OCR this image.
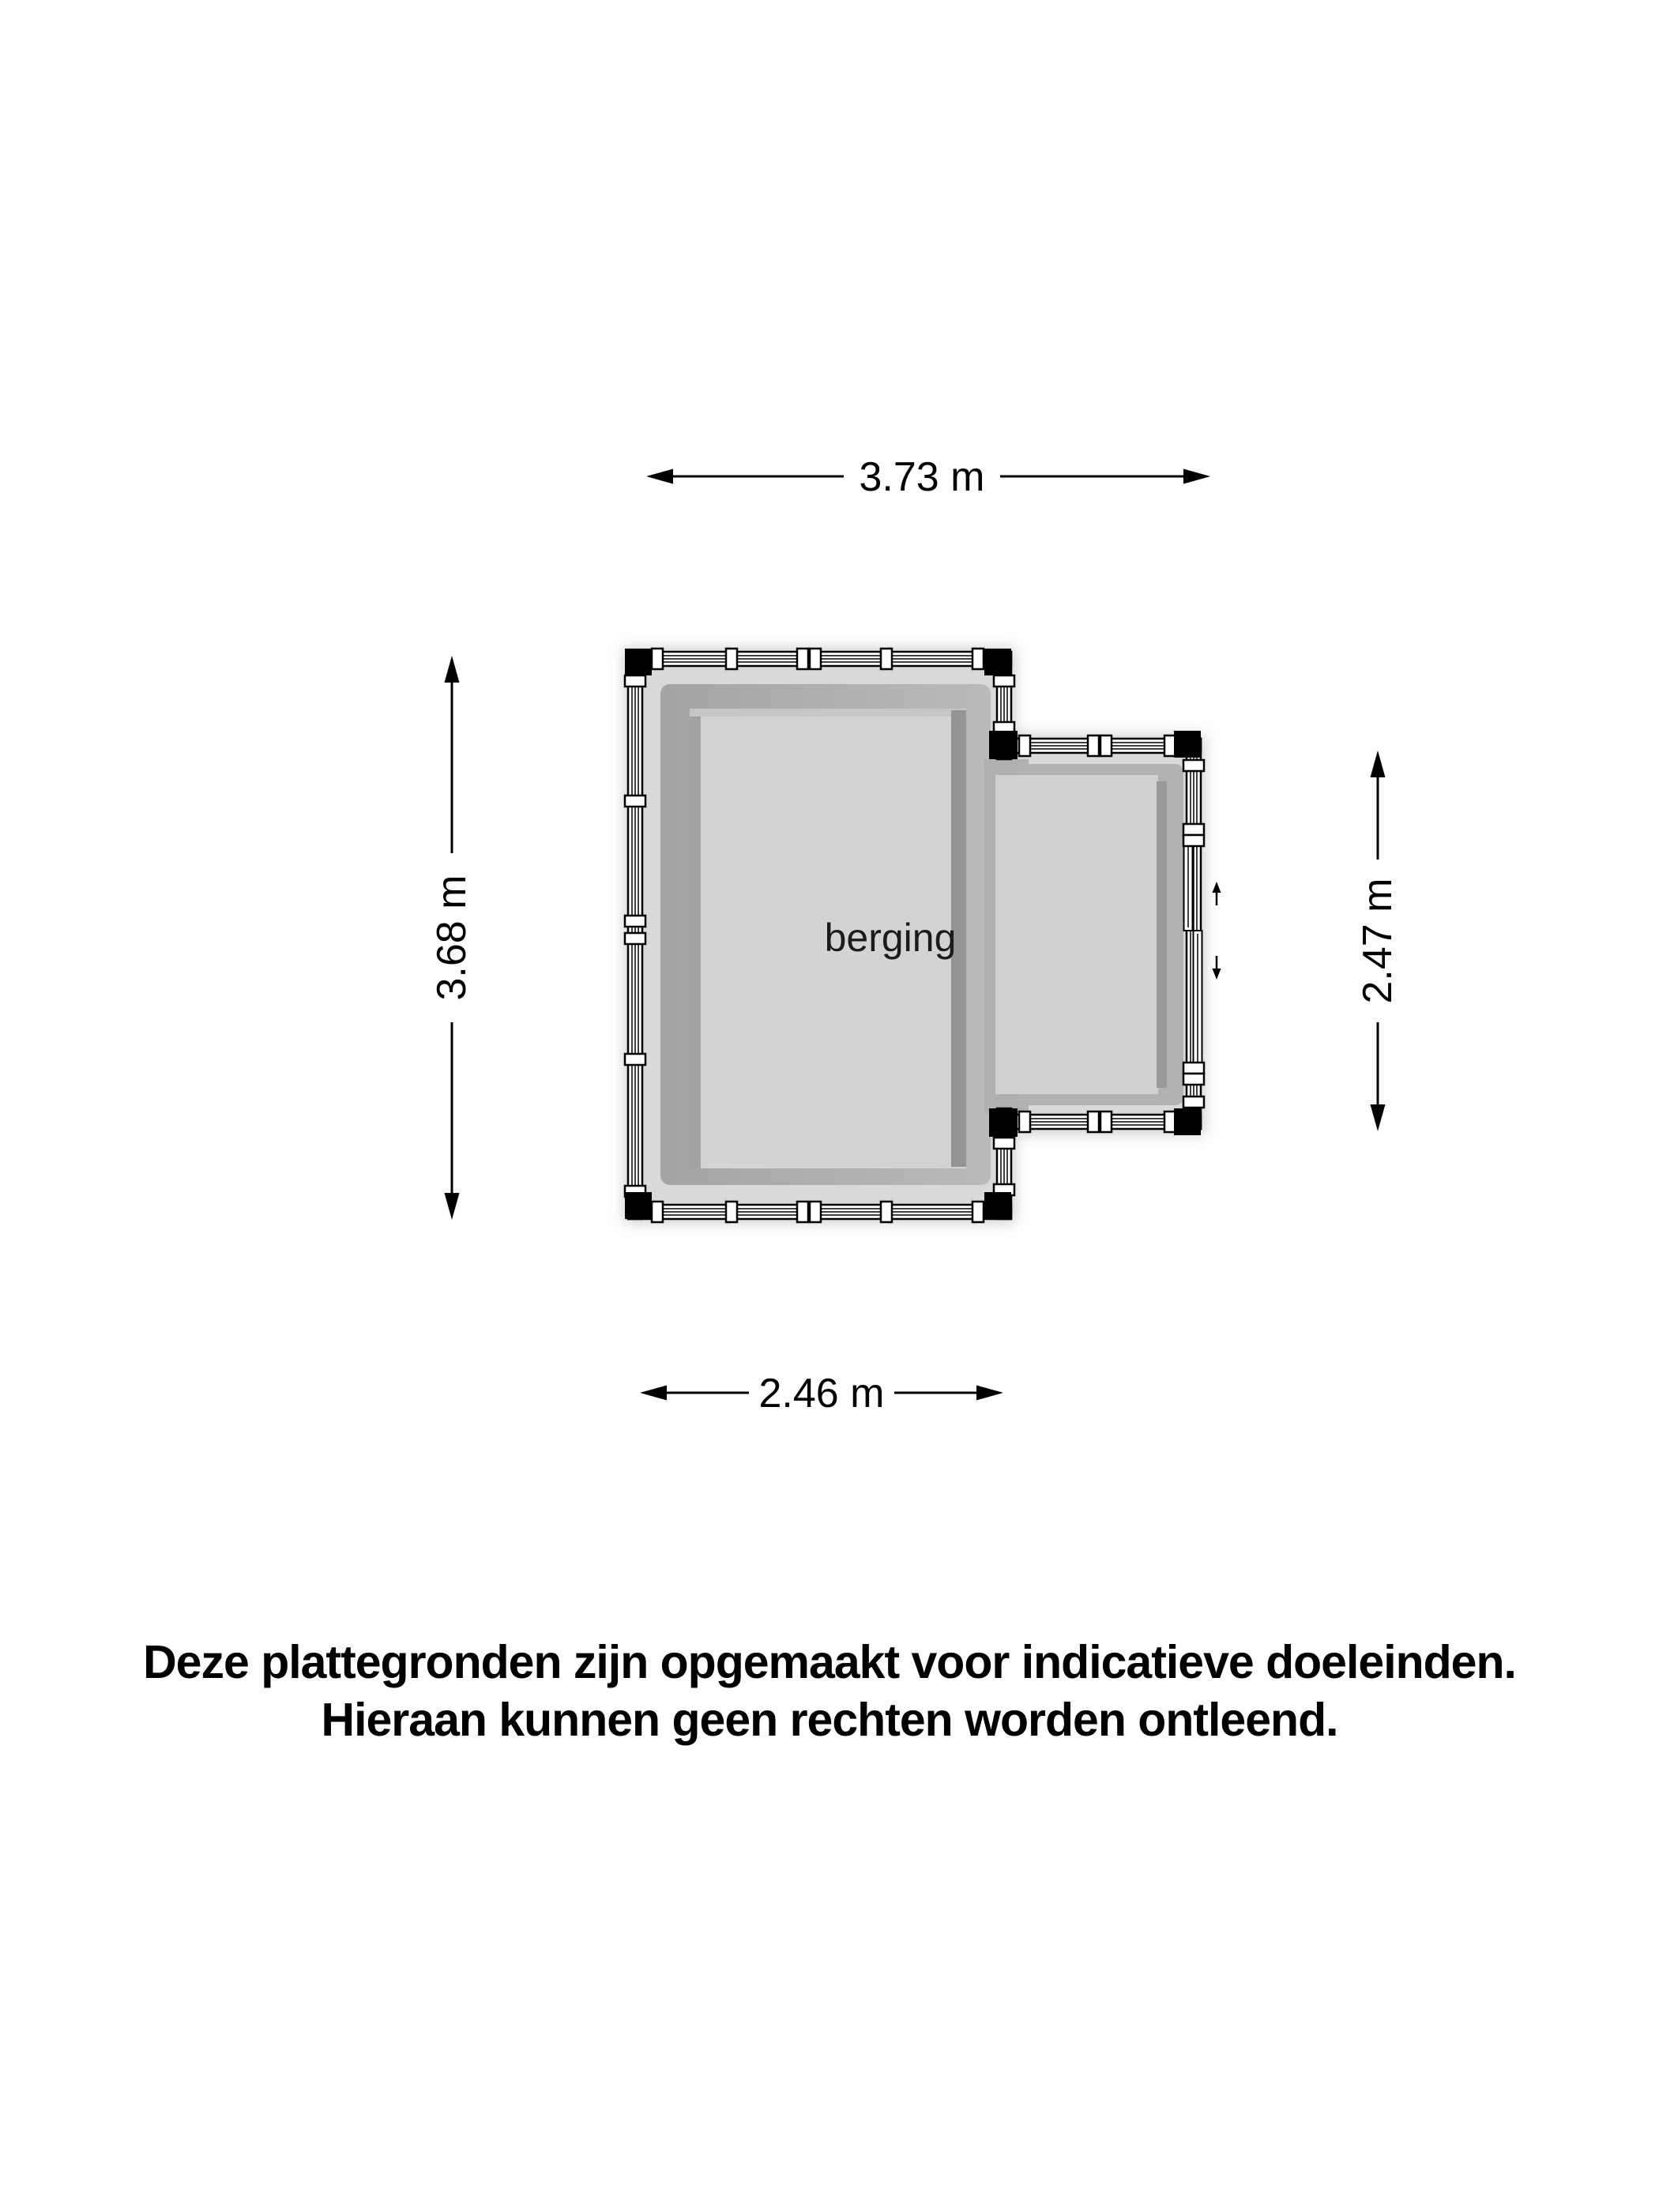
berging
3.73 m
3.68 m	2.47 m
2.46 m
Deze plattegronden zijn opgemaakt voor indicatieve doeleinden.
Hieraan kunnen geen rechten worden ontleend.
